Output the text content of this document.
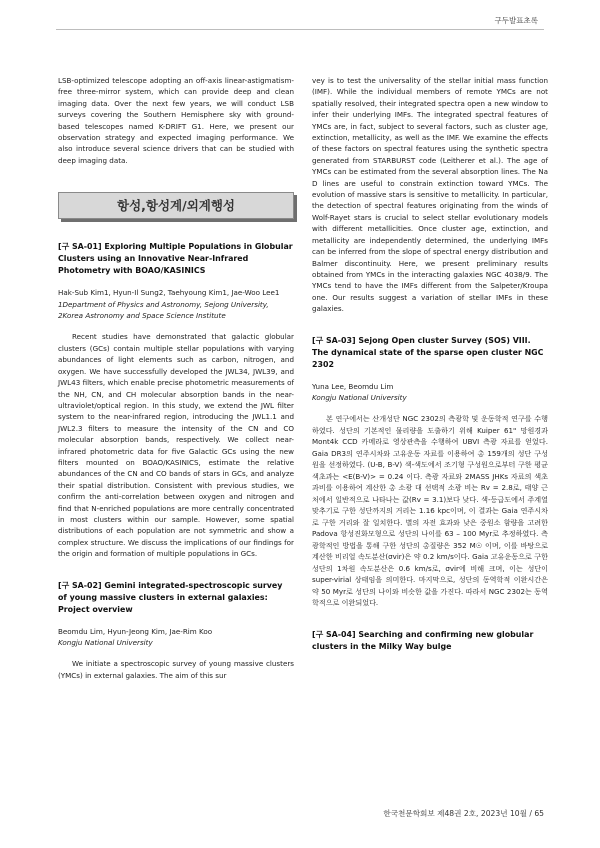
구두발표초록

LSB-optimized telescope adopting an off-axis linear-astigmatism-free three-mirror system, which can provide deep and clean imaging data. Over the next few years, we will conduct LSB surveys covering the Southern Hemisphere sky with ground-based telescopes named K-DRIFT G1. Here, we present our observation strategy and expected imaging performance. We also introduce several science drivers that can be studied with deep imaging data.

항성,항성계/외계행성
[구 SA-01] Exploring Multiple Populations in Globular Clusters using an Innovative Near-Infrared Photometry with BOAO/KASINICS
Hak-Sub Kim1, Hyun-Il Sung2, Taehyoung Kim1, Jae-Woo Lee1
1Department of Physics and Astronomy, Sejong University,
2Korea Astronomy and Space Science Institute

Recent studies have demonstrated that galactic globular clusters (GCs) contain multiple stellar populations with varying abundances of light elements such as carbon, nitrogen, and oxygen. We have successfully developed the JWL34, JWL39, and JWL43 filters, which enable precise photometric measurements of the NH, CN, and CH molecular absorption bands in the near-ultraviolet/optical region. In this study, we extend the JWL filter system to the near-infrared region, introducing the JWL1.1 and JWL2.3 filters to measure the intensity of the CN and CO molecular absorption bands, respectively. We collect near-infrared photometric data for five Galactic GCs using the new filters mounted on BOAO/KASINICS, estimate the relative abundances of the CN and CO bands of stars in GCs, and analyze their spatial distribution. Consistent with previous studies, we confirm the anti-correlation between oxygen and nitrogen and find that N-enriched populations are more centrally concentrated in most clusters within our sample. However, some spatial distributions of each population are not symmetric and show a complex structure. We discuss the implications of our findings for the origin and formation of multiple populations in GCs.

[구 SA-02] Gemini integrated-spectroscopic survey of young massive clusters in external galaxies: Project overview
Beomdu Lim, Hyun-Jeong Kim, Jae-Rim Koo
Kongju National University

We initiate a spectroscopic survey of young massive clusters (YMCs) in external galaxies. The aim of this sur

vey is to test the universality of the stellar initial mass function (IMF). While the individual members of remote YMCs are not spatially resolved, their integrated spectra open a new window to infer their underlying IMFs. The integrated spectral features of YMCs are, in fact, subject to several factors, such as cluster age, extinction, metallicity, as well as the IMF. We examine the effects of these factors on spectral features using the synthetic spectra generated from STARBURST code (Leitherer et al.). The age of YMCs can be estimated from the several absorption lines. The Na D lines are useful to constrain extinction toward YMCs. The evolution of massive stars is sensitive to metallicity. In particular, the detection of spectral features originating from the winds of Wolf-Rayet stars is crucial to select stellar evolutionary models with different metallicities. Once cluster age, extinction, and metallicity are independently determined, the underlying IMFs can be inferred from the slope of spectral energy distribution and Balmer discontinuity. Here, we present preliminary results obtained from YMCs in the interacting galaxies NGC 4038/9. The YMCs tend to have the IMFs different from the Salpeter/Kroupa one. Our results suggest a variation of stellar IMFs in these galaxies.

[구 SA-03] Sejong Open cluster Survey (SOS) VIII. The dynamical state of the sparse open cluster NGC 2302
Yuna Lee, Beomdu Lim
Kongju National University

본 연구에서는 산개성단 NGC 2302의 측광학 및 운동학적 연구를 수행하였다. 성단의 기본적인 물리량을 도출하기 위해 Kuiper 61" 망원경과 Mont4k CCD 카메라로 영상관측을 수행하여 UBVI 측광 자료를 얻었다. Gaia DR3의 연주시차와 고유운동 자료를 이용하여 총 159개의 성단 구성원을 선정하였다. (U-B, B-V) 색-색도에서 조기형 구성원으로부터 구한 평균 색초과는 <E(B-V)> = 0.24 이다. 측광 자료와 2MASS JHKs 자료의 색초과비를 이용하여 계산한 총 소광 대 선택적 소광 비는 Rv = 2.8로, 태양 근처에서 일반적으로 나타나는 값(Rv = 3.1)보다 낮다. 색-등급도에서 주계열 맞추기로 구한 성단까지의 거리는 1.16 kpc이며, 이 결과는 Gaia 연주시차로 구한 거리와 잘 일치한다. 별의 자전 효과와 낮은 중원소 함량을 고려한 Padova 항성진화모형으로 성단의 나이를 63 – 100 Myr로 추정하였다. 측광학적인 방법을 통해 구한 성단의 총질량은 352 M☉ 이며, 이를 바탕으로 계산한 비리얼 속도분산(σvir)은 약 0.2 km/s이다. Gaia 고유운동으로 구한 성단의 1차원 속도분산은 0.6 km/s로, σvir에 비해 크며, 이는 성단이 super-virial 상태임을 의미한다. 마지막으로, 성단의 동역학적 이완시간은 약 50 Myr로 성단의 나이와 비슷한 값을 가진다. 따라서 NGC 2302는 동역학적으로 이완되었다.

[구 SA-04] Searching and confirming new globular clusters in the Milky Way bulge
한국천문학회보 제48권 2호, 2023년 10월 / 65
